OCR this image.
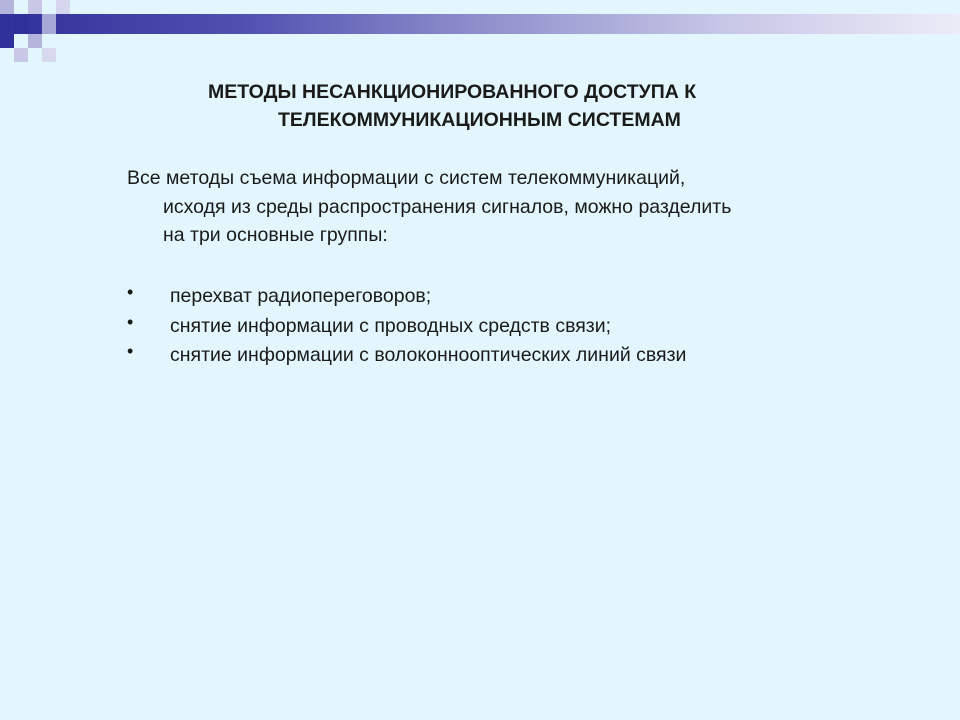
МЕТОДЫ НЕСАНКЦИОНИРОВАННОГО ДОСТУПА К
ТЕЛЕКОММУНИКАЦИОННЫМ СИСТЕМАМ
Все методы съема информации с систем телекоммуникаций,
исходя из среды распространения сигналов, можно разделить
на три основные группы:
• перехват радиопереговоров;
• снятие информации с проводных средств связи;
• снятие информации с волоконнооптических линий связи
